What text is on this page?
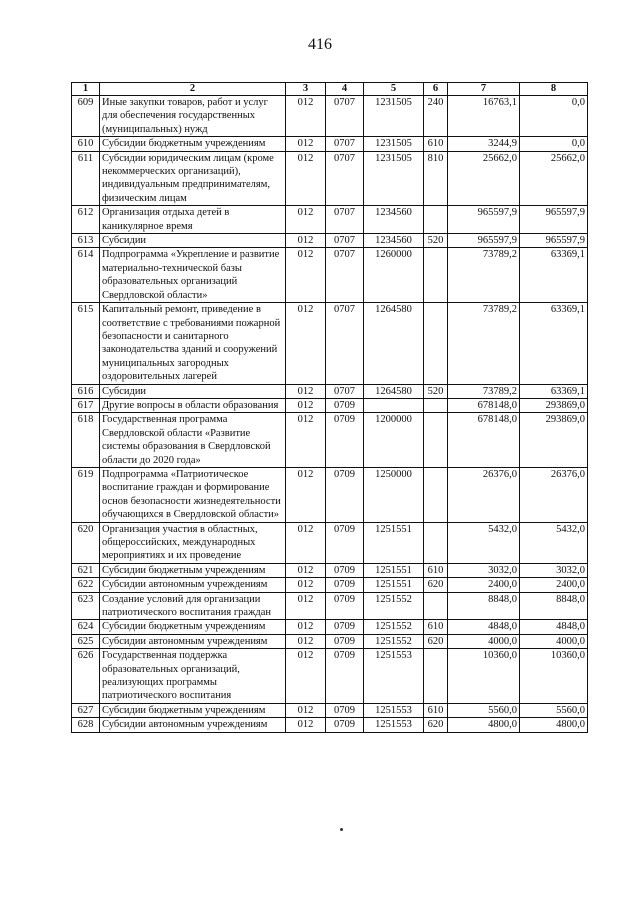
416
1	2	3	4	5	6	7	8
609	Иные закупки товаров, работ и услуг для обеспечения государственных (муниципальных) нужд	012	0707	1231505	240	16763,1	0,0
610	Субсидии бюджетным учреждениям	012	0707	1231505	610	3244,9	0,0
611	Субсидии юридическим лицам (кроме некоммерческих организаций), индивидуальным предпринимателям, физическим лицам	012	0707	1231505	810	25662,0	25662,0
612	Организация отдыха детей в каникулярное время	012	0707	1234560		965597,9	965597,9
613	Субсидии	012	0707	1234560	520	965597,9	965597,9
614	Подпрограмма «Укрепление и развитие материально-технической базы образовательных организаций Свердловской области»	012	0707	1260000		73789,2	63369,1
615	Капитальный ремонт, приведение в соответствие с требованиями пожарной безопасности и санитарного законодательства зданий и сооружений муниципальных загородных оздоровительных лагерей	012	0707	1264580		73789,2	63369,1
616	Субсидии	012	0707	1264580	520	73789,2	63369,1
617	Другие вопросы в области образования	012	0709			678148,0	293869,0
618	Государственная программа Свердловской области «Развитие системы образования в Свердловской области до 2020 года»	012	0709	1200000		678148,0	293869,0
619	Подпрограмма «Патриотическое воспитание граждан и формирование основ безопасности жизнедеятельности обучающихся в Свердловской области»	012	0709	1250000		26376,0	26376,0
620	Организация участия в областных, общероссийских, международных мероприятиях и их проведение	012	0709	1251551		5432,0	5432,0
621	Субсидии бюджетным учреждениям	012	0709	1251551	610	3032,0	3032,0
622	Субсидии автономным учреждениям	012	0709	1251551	620	2400,0	2400,0
623	Создание условий для организации патриотического воспитания граждан	012	0709	1251552		8848,0	8848,0
624	Субсидии бюджетным учреждениям	012	0709	1251552	610	4848,0	4848,0
625	Субсидии автономным учреждениям	012	0709	1251552	620	4000,0	4000,0
626	Государственная поддержка образовательных организаций, реализующих программы патриотического воспитания	012	0709	1251553		10360,0	10360,0
627	Субсидии бюджетным учреждениям	012	0709	1251553	610	5560,0	5560,0
628	Субсидии автономным учреждениям	012	0709	1251553	620	4800,0	4800,0
